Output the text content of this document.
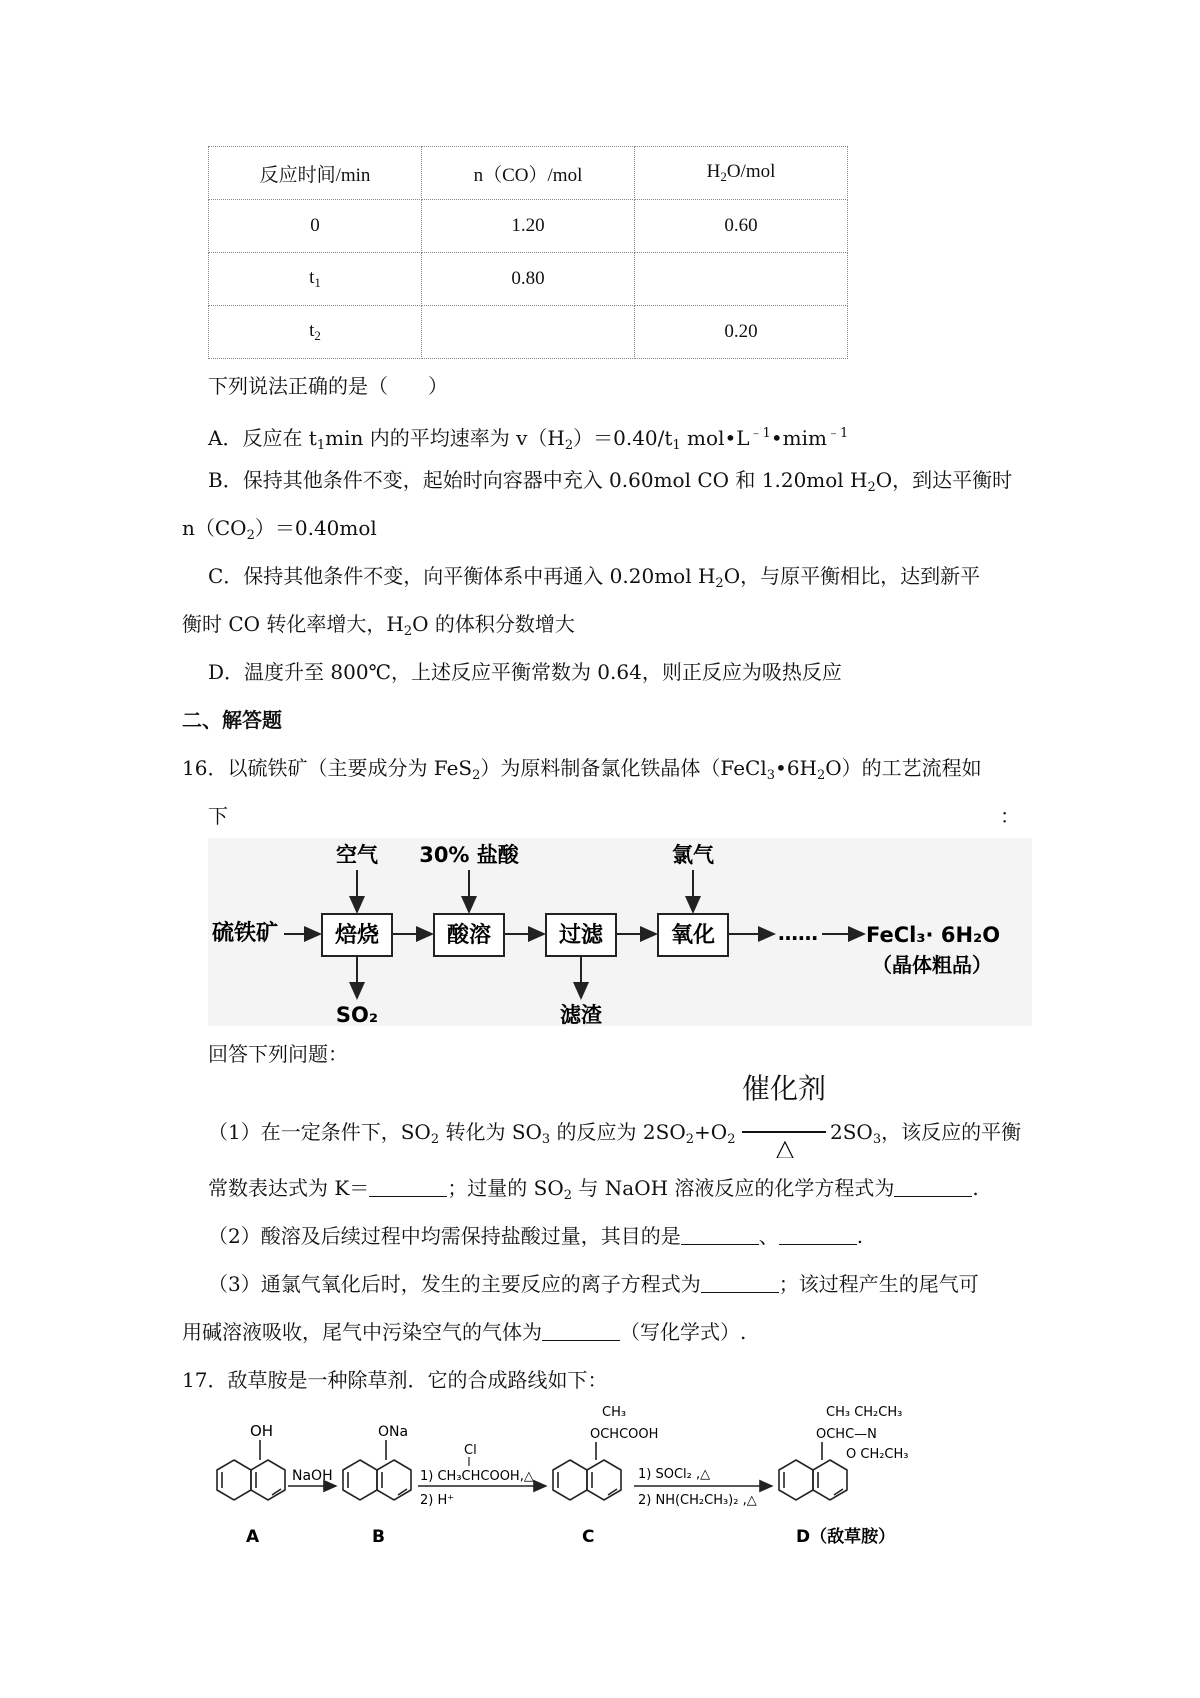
反应时间/min	n（CO）/mol	$H_2O$/mol
0	1.20	0.60
$t_1$	0.80	
$t_2$		0.20
下列说法正确的是（　　）
A．反应在 $t_1\min$ 内的平均速率为 $v(H_2)=0.40/t_1$ $mol•L^{﹣1}•mim^{﹣1}$
B．保持其他条件不变，起始时向容器中充入 0.60mol CO 和 1.20mol $H_2O$，到达平衡时
$n(CO_2)=0.40mol$
C．保持其他条件不变，向平衡体系中再通入 0.20mol $H_2O$，与原平衡相比，达到新平
衡时 CO 转化率增大，$H_2O$ 的体积分数增大
D．温度升至 800℃，上述反应平衡常数为 0.64，则正反应为吸热反应
二、解答题
16．以硫铁矿（主要成分为 FeS$_2$）为原料制备氯化铁晶体$(FeCl_3•6H_2O)$的工艺流程如
下	：
硫铁矿	焙烧
空气
SO₂
酸溶
30% 盐酸
过滤
滤渣
氧化
氯气
…… FeCl₃· 6H₂O
（晶体粗品）
回答下列问题：
催化剂
（1）在一定条件下，$SO_2$ 转化为 $SO_3$ 的反应为 $2SO_2+O_2$ △
$2SO_3$，该反应的平衡
常数表达式为 K＝	；过量的 $SO_2$ 与 NaOH 溶液反应的化学方程式为	.
（2）酸溶及后续过程中均需保持盐酸过量，其目的是	、	.
（3）通氯气氧化后时，发生的主要反应的离子方程式为	；该过程产生的尾气可
用碱溶液吸收，尾气中污染空气的气体为	（写化学式）.
17．敌草胺是一种除草剂．它的合成路线如下：
OH
A
NaOH
ONa
B
Cl
1) CH₃CHCOOH,△
2) H⁺
CH₃
OCHCOOH
C
1) SOCl₂ ,△
2) NH(CH₂CH₃)₂ ,△
CH₃ CH₂CH₃
OCHC—N
O CH₂CH₃
D（敌草胺）
